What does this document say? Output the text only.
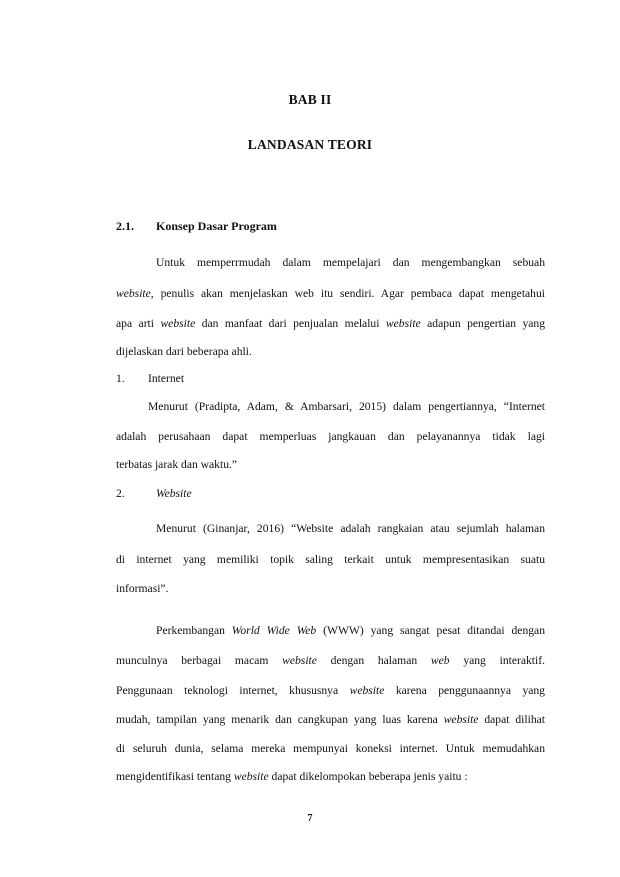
BAB II
LANDASAN TEORI
2.1. Konsep Dasar Program
Untuk memperrmudah dalam mempelajari dan mengembangkan sebuah
website, penulis akan menjelaskan web itu sendiri. Agar pembaca dapat mengetahui
apa arti website dan manfaat dari penjualan melalui website adapun pengertian yang
dijelaskan dari beberapa ahli.
1. Internet
Menurut (Pradipta, Adam, & Ambarsari, 2015) dalam pengertiannya, “Internet
adalah perusahaan dapat memperluas jangkauan dan pelayanannya tidak lagi
terbatas jarak dan waktu.”
2.	Website
Menurut (Ginanjar, 2016) “Website adalah rangkaian atau sejumlah halaman
di internet yang memiliki topik saling terkait untuk mempresentasikan suatu
informasi”.
Perkembangan World Wide Web (WWW) yang sangat pesat ditandai dengan
munculnya berbagai macam website dengan halaman web yang interaktif.
Penggunaan teknologi internet, khususnya website karena penggunaannya yang
mudah, tampilan yang menarik dan cangkupan yang luas karena website dapat dilihat
di seluruh dunia, selama mereka mempunyai koneksi internet. Untuk memudahkan
mengidentifikasi tentang website dapat dikelompokan beberapa jenis yaitu :
7
